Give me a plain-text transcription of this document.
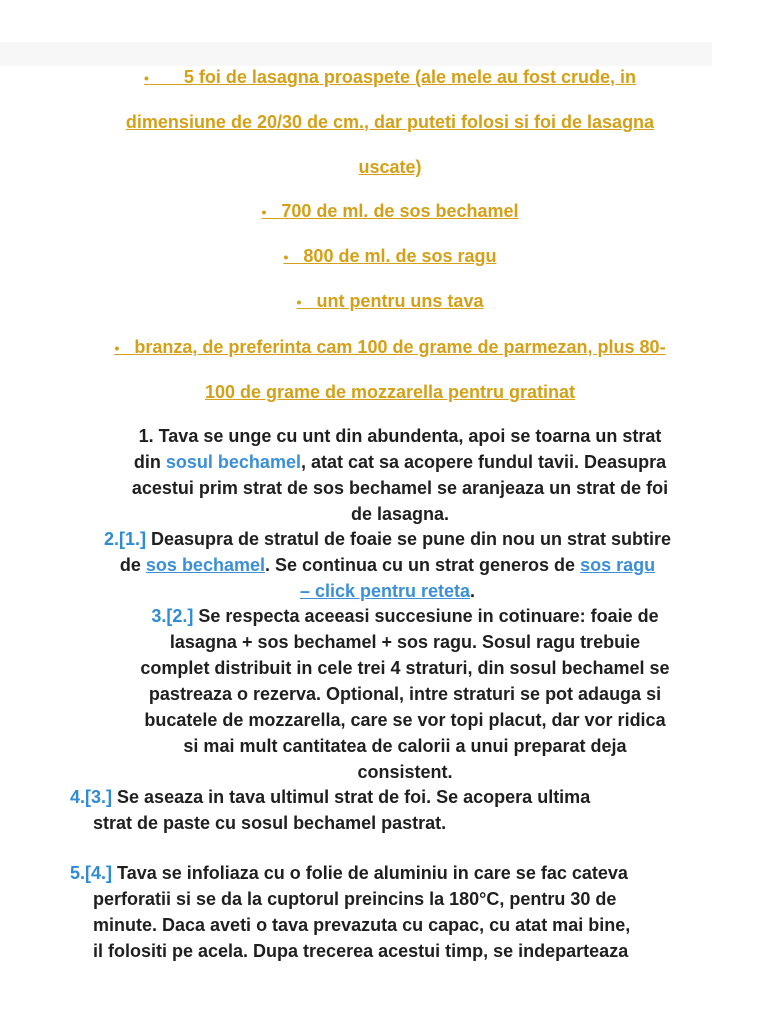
• 5 foi de lasagna proaspete (ale mele au fost crude, in
dimensiune de 20/30 de cm., dar puteti folosi si foi de lasagna
uscate)
• 700 de ml. de sos bechamel
• 800 de ml. de sos ragu
• unt pentru uns tava
• branza, de preferinta cam 100 de grame de parmezan, plus 80-
100 de grame de mozzarella pentru gratinat
1. Tava se unge cu unt din abundenta, apoi se toarna un strat
din sosul bechamel, atat cat sa acopere fundul tavii. Deasupra
acestui prim strat de sos bechamel se aranjeaza un strat de foi
de lasagna.
2.[1.] Deasupra de stratul de foaie se pune din nou un strat subtire
de sos bechamel. Se continua cu un strat generos de sos ragu
– click pentru reteta.
3.[2.] Se respecta aceeasi succesiune in cotinuare: foaie de
lasagna + sos bechamel + sos ragu. Sosul ragu trebuie
complet distribuit in cele trei 4 straturi, din sosul bechamel se
pastreaza o rezerva. Optional, intre straturi se pot adauga si
bucatele de mozzarella, care se vor topi placut, dar vor ridica
si mai mult cantitatea de calorii a unui preparat deja
consistent.
4.[3.] Se aseaza in tava ultimul strat de foi. Se acopera ultima
strat de paste cu sosul bechamel pastrat.
5.[4.] Tava se infoliaza cu o folie de aluminiu in care se fac cateva
perforatii si se da la cuptorul preincins la 180°C, pentru 30 de
minute. Daca aveti o tava prevazuta cu capac, cu atat mai bine,
il folositi pe acela. Dupa trecerea acestui timp, se indeparteaza
